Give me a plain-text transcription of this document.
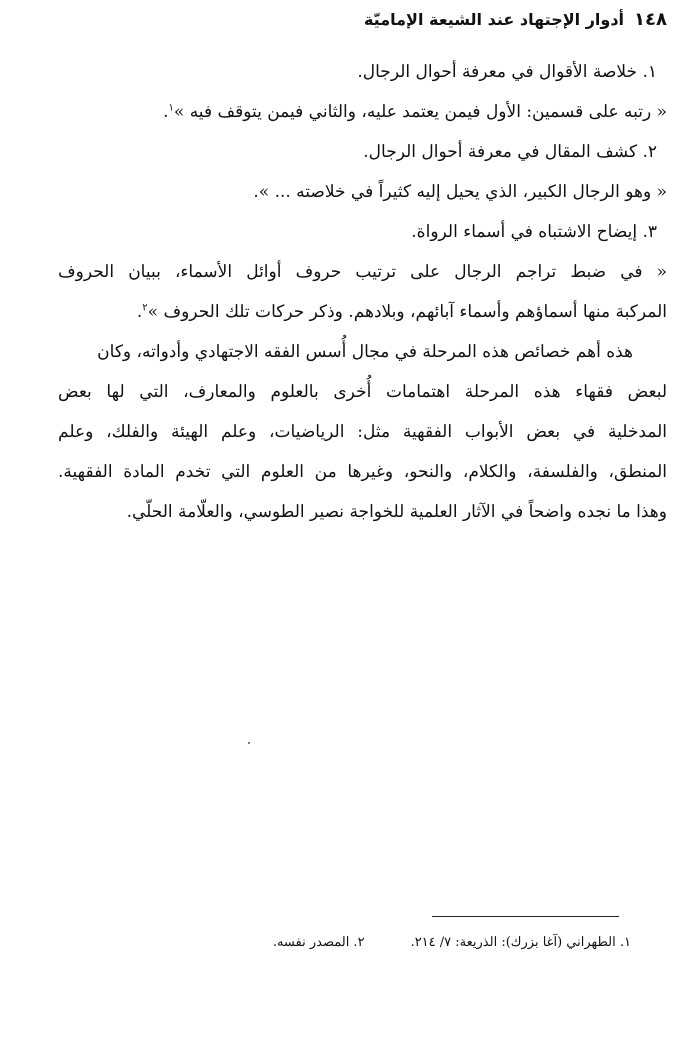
١٤٨
أدوار الإجتهاد عند الشيعة الإماميّة
١. خلاصة الأقوال في معرفة أحوال الرجال.
« رتبه على قسمين: الأول فيمن يعتمد عليه، والثاني فيمن يتوقف فيه »$^١$.
٢. كشف المقال في معرفة أحوال الرجال.
« وهو الرجال الكبير، الذي يحيل إليه كثيراً في خلاصته ... ».
٣. إيضاح الاشتباه في أسماء الرواة.
« في ضبط تراجم الرجال على ترتيب حروف أوائل الأسماء، ببيان الحروف
المركبة منها أسماؤهم وأسماء آبائهم، وبلادهم. وذكر حركات تلك الحروف »$^٢$.
هذه أهم خصائص هذه المرحلة في مجال أُسس الفقه الاجتهادي وأدواته، وكان
لبعض فقهاء هذه المرحلة اهتمامات أُخرى بالعلوم والمعارف، التي لها بعض
المدخلية في بعض الأبواب الفقهية مثل: الرياضيات، وعلم الهيئة والفلك، وعلم
المنطق، والفلسفة، والكلام، والنحو، وغيرها من العلوم التي تخدم المادة الفقهية.
وهذا ما نجده واضحاً في الآثار العلمية للخواجة نصير الطوسي، والعلّامة الحلّي.
١. الطهراني (آغا بزرك): الذريعة: ٧/ ٢١٤.
٢. المصدر نفسه.
